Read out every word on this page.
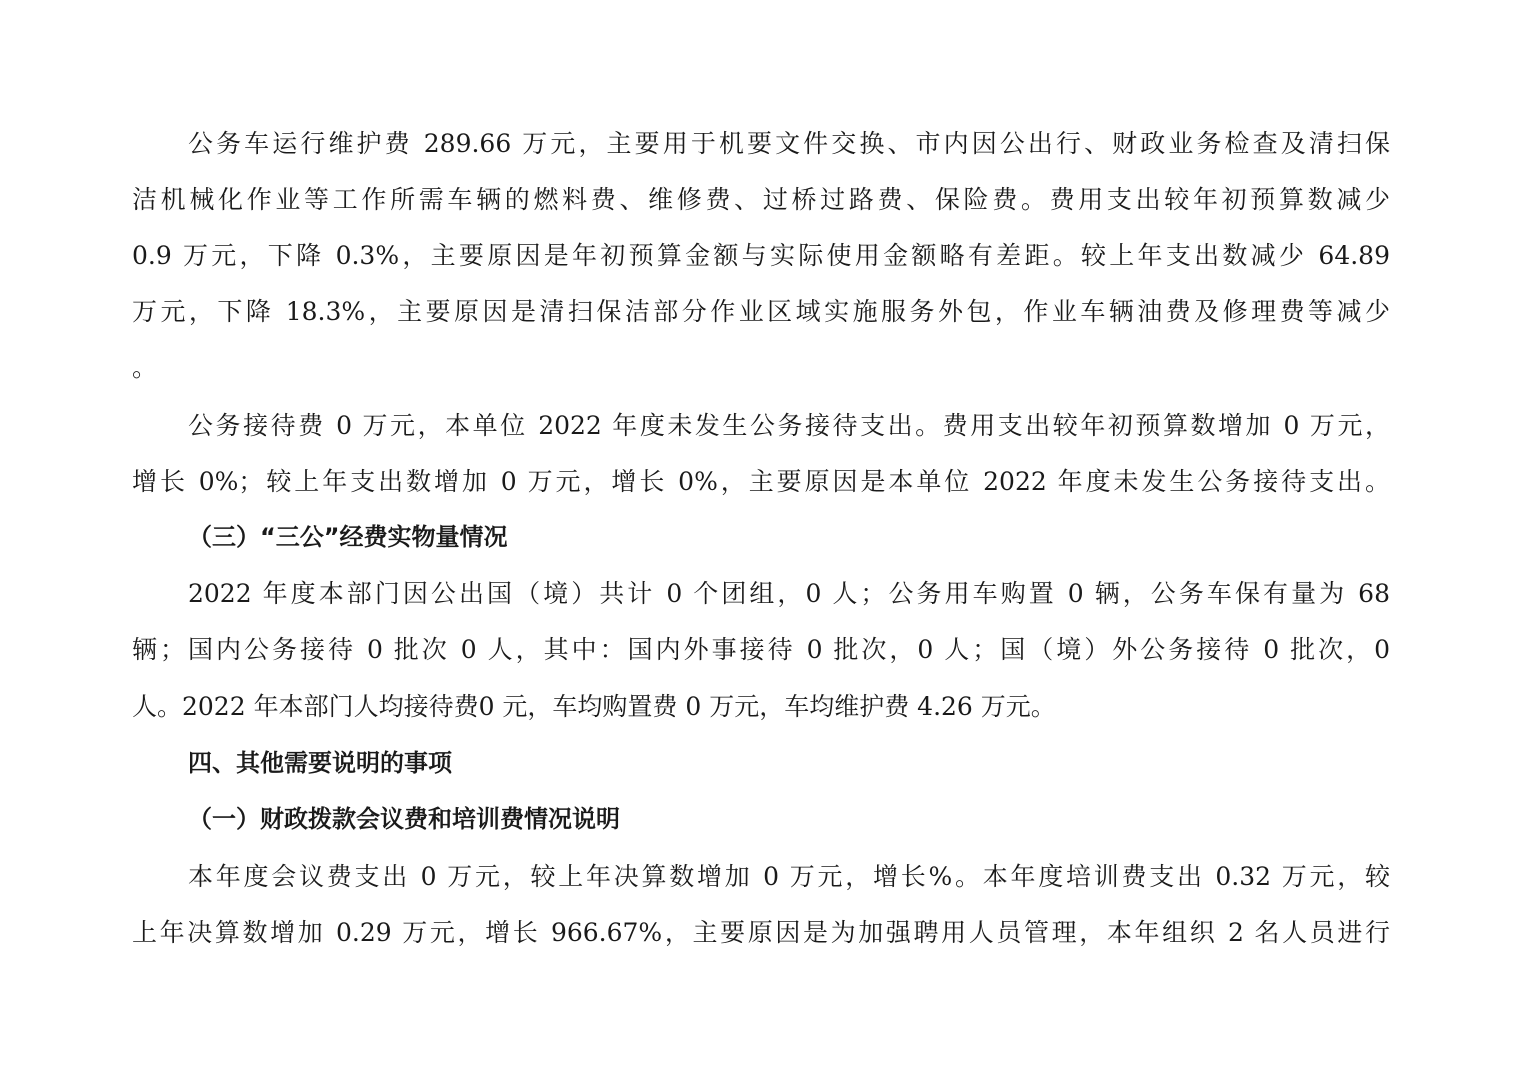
公务车运行维护费 289.66 万元，主要用于机要文件交换、市内因公出行、财政业务检查及清扫保
洁机械化作业等工作所需车辆的燃料费、维修费、过桥过路费、保险费。费用支出较年初预算数减少
0.9 万元，下降 0.3%，主要原因是年初预算金额与实际使用金额略有差距。较上年支出数减少 64.89
万元，下降 18.3%，主要原因是清扫保洁部分作业区域实施服务外包，作业车辆油费及修理费等减少
。
公务接待费 0 万元，本单位 2022 年度未发生公务接待支出。费用支出较年初预算数增加 0 万元，
增长 0%；较上年支出数增加 0 万元，增长 0%，主要原因是本单位 2022 年度未发生公务接待支出。
（三）“三公”经费实物量情况
2022 年度本部门因公出国（境）共计 0 个团组，0 人；公务用车购置 0 辆，公务车保有量为 68
辆；国内公务接待 0 批次 0 人，其中：国内外事接待 0 批次，0 人；国（境）外公务接待 0 批次，0
人。2022 年本部门人均接待费0 元，车均购置费 0 万元，车均维护费 4.26 万元。
四、其他需要说明的事项
（一）财政拨款会议费和培训费情况说明
本年度会议费支出 0 万元，较上年决算数增加 0 万元，增长%。本年度培训费支出 0.32 万元，较
上年决算数增加 0.29 万元，增长 966.67%，主要原因是为加强聘用人员管理，本年组织 2 名人员进行
